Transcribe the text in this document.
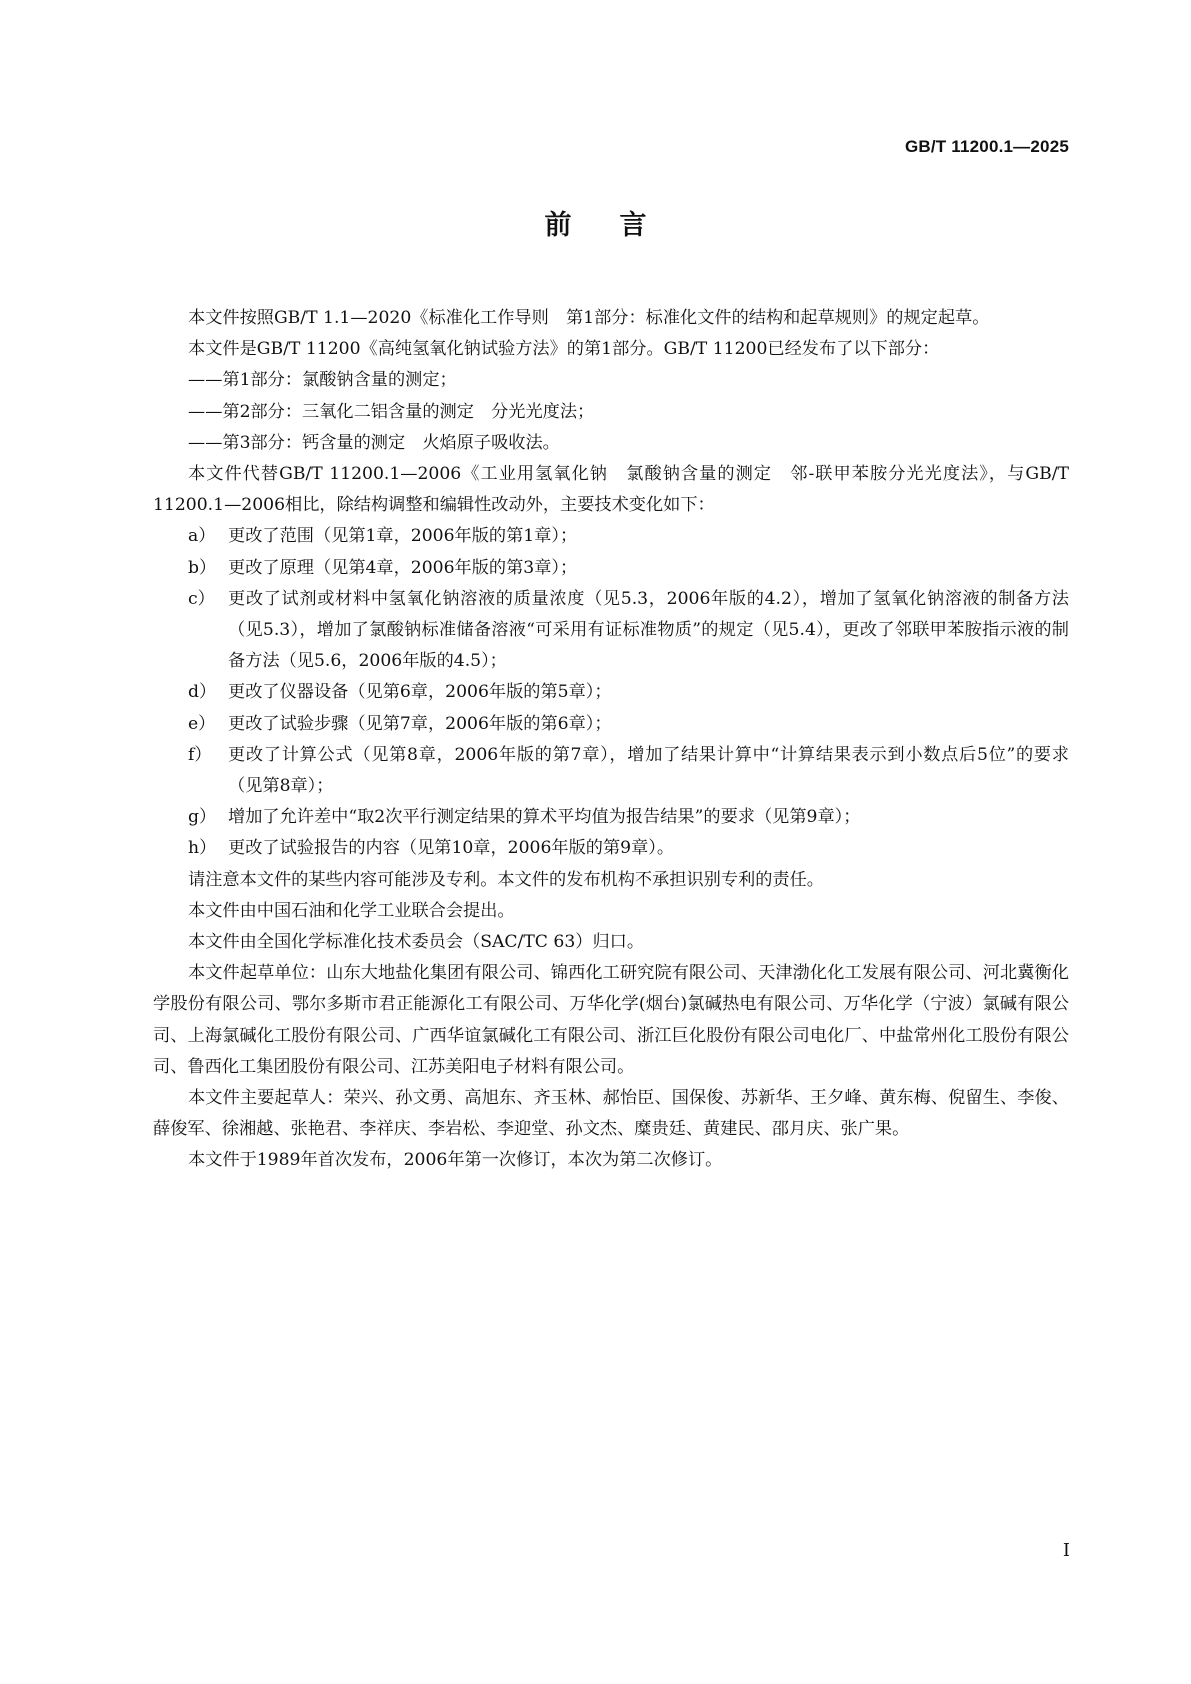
GB/T 11200.1—2025
前言

本文件按照GB/T 1.1—2020《标准化工作导则　第1部分：标准化文件的结构和起草规则》的规定起草。

本文件是GB/T 11200《高纯氢氧化钠试验方法》的第1部分。GB/T 11200已经发布了以下部分：

——第1部分：氯酸钠含量的测定；

——第2部分：三氧化二铝含量的测定　分光光度法；

——第3部分：钙含量的测定　火焰原子吸收法。

本文件代替GB/T 11200.1—2006《工业用氢氧化钠　氯酸钠含量的测定　邻-联甲苯胺分光光度法》，与GB/T 11200.1—2006相比，除结构调整和编辑性改动外，主要技术变化如下：

a） 更改了范围（见第1章，2006年版的第1章）；
b） 更改了原理（见第4章，2006年版的第3章）；
c） 更改了试剂或材料中氢氧化钠溶液的质量浓度（见5.3，2006年版的4.2），增加了氢氧化钠溶液的制备方法（见5.3），增加了氯酸钠标准储备溶液“可采用有证标准物质”的规定（见5.4），更改了邻联甲苯胺指示液的制备方法（见5.6，2006年版的4.5）；
d） 更改了仪器设备（见第6章，2006年版的第5章）；
e） 更改了试验步骤（见第7章，2006年版的第6章）；
f） 更改了计算公式（见第8章，2006年版的第7章），增加了结果计算中“计算结果表示到小数点后5位”的要求（见第8章）；
g） 增加了允许差中“取2次平行测定结果的算术平均值为报告结果”的要求（见第9章）；
h） 更改了试验报告的内容（见第10章，2006年版的第9章）。

请注意本文件的某些内容可能涉及专利。本文件的发布机构不承担识别专利的责任。

本文件由中国石油和化学工业联合会提出。

本文件由全国化学标准化技术委员会（SAC/TC 63）归口。

本文件起草单位：山东大地盐化集团有限公司、锦西化工研究院有限公司、天津渤化化工发展有限公司、河北冀衡化学股份有限公司、鄂尔多斯市君正能源化工有限公司、万华化学(烟台)氯碱热电有限公司、万华化学（宁波）氯碱有限公司、上海氯碱化工股份有限公司、广西华谊氯碱化工有限公司、浙江巨化股份有限公司电化厂、中盐常州化工股份有限公司、鲁西化工集团股份有限公司、江苏美阳电子材料有限公司。

本文件主要起草人：荣兴、孙文勇、高旭东、齐玉林、郝怡臣、国保俊、苏新华、王夕峰、黄东梅、倪留生、李俊、薛俊军、徐湘越、张艳君、李祥庆、李岩松、李迎堂、孙文杰、糜贵廷、黄建民、邵月庆、张广果。

本文件于1989年首次发布，2006年第一次修订，本次为第二次修订。

I
